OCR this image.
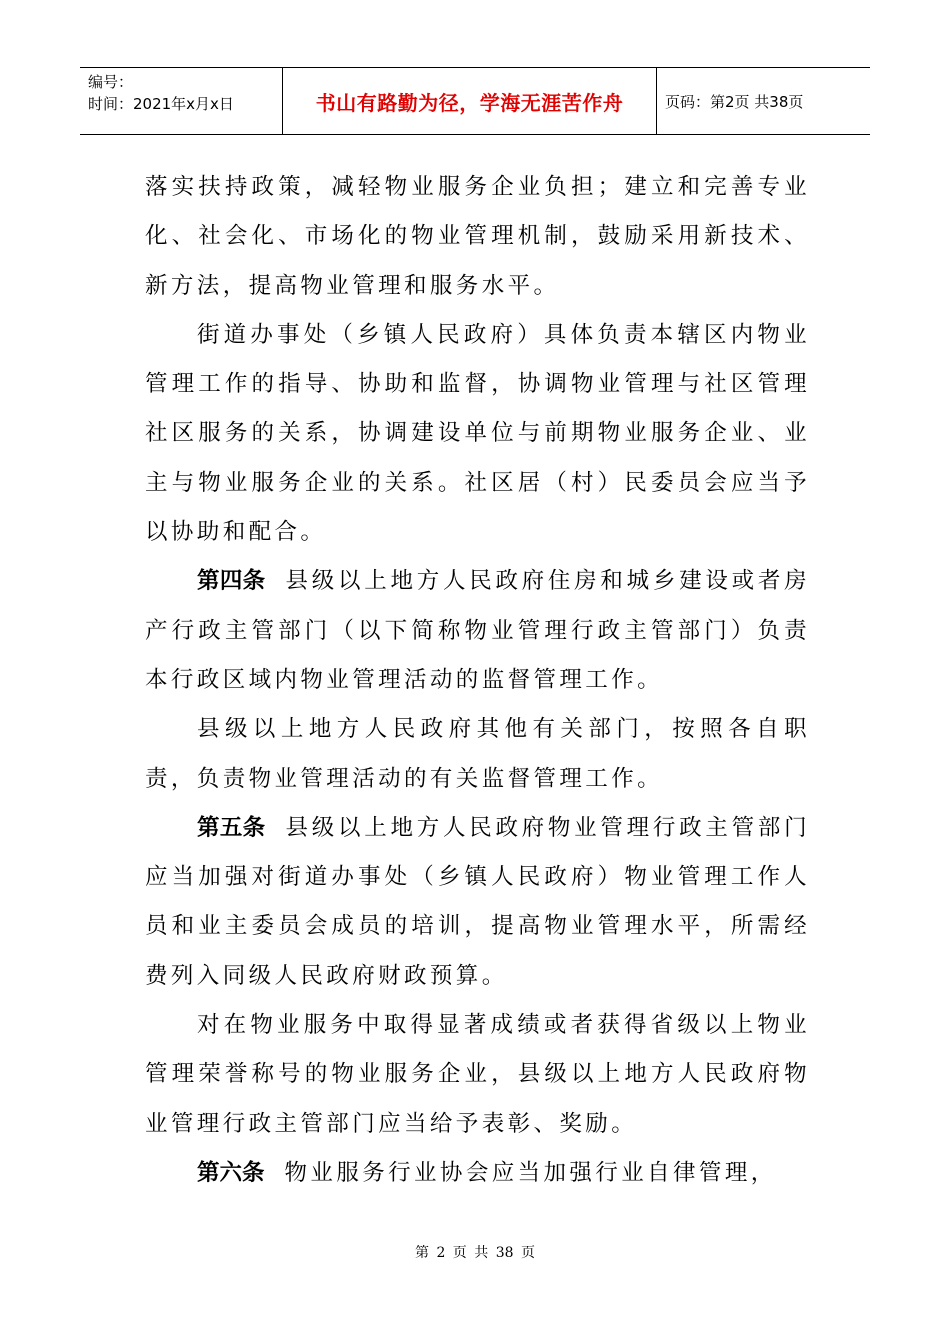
编号：
时间：2021年x月x日	书山有路勤为径，学海无涯苦作舟	页码：第2页 共38页

落实扶持政策，减轻物业服务企业负担；建立和完善专业化、社会化、市场化的物业管理机制，鼓励采用新技术、新方法，提高物业管理和服务水平。

街道办事处（乡镇人民政府）具体负责本辖区内物业管理工作的指导、协助和监督，协调物业管理与社区管理社区服务的关系，协调建设单位与前期物业服务企业、业主与物业服务企业的关系。社区居（村）民委员会应当予以协助和配合。

第四条 县级以上地方人民政府住房和城乡建设或者房产行政主管部门（以下简称物业管理行政主管部门）负责本行政区域内物业管理活动的监督管理工作。

县级以上地方人民政府其他有关部门，按照各自职责，负责物业管理活动的有关监督管理工作。

第五条 县级以上地方人民政府物业管理行政主管部门应当加强对街道办事处（乡镇人民政府）物业管理工作人员和业主委员会成员的培训，提高物业管理水平，所需经费列入同级人民政府财政预算。

对在物业服务中取得显著成绩或者获得省级以上物业管理荣誉称号的物业服务企业，县级以上地方人民政府物业管理行政主管部门应当给予表彰、奖励。

第六条 物业服务行业协会应当加强行业自律管理，

第 2 页 共 38 页
